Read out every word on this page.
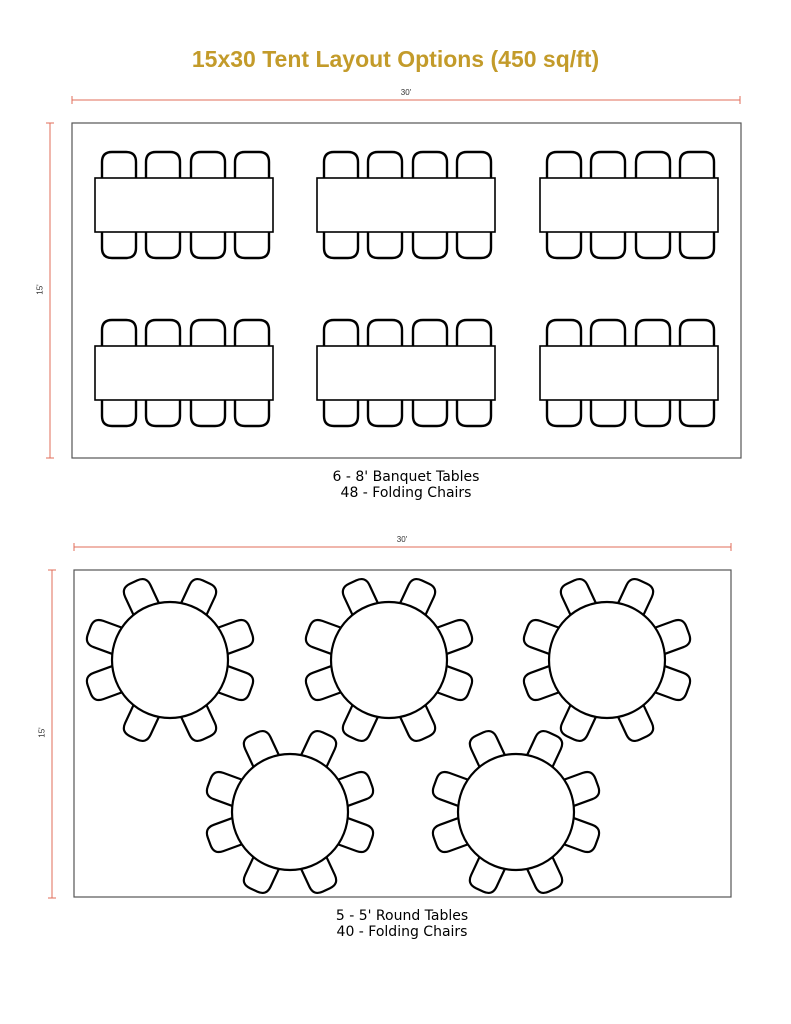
15x30 Tent Layout Options (450 sq/ft)
30'
15'
30'
15'
6 - 8' Banquet Tables
48 - Folding Chairs
5 - 5' Round Tables
40 - Folding Chairs
